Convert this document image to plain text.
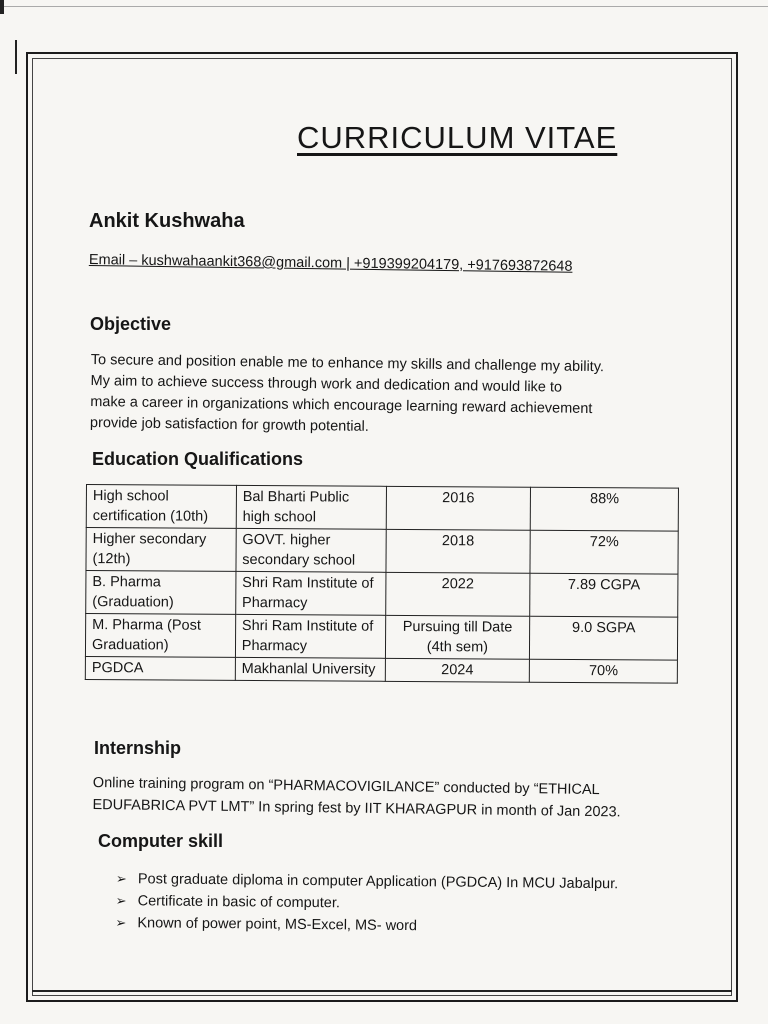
CURRICULUM VITAE
Ankit Kushwaha
Email – kushwahaankit368@gmail.com | +919399204179, +917693872648
Objective

To secure and position enable me to enhance my skills and challenge my ability.

My aim to achieve success through work and dedication and would like to

make a career in organizations which encourage learning reward achievement

provide job satisfaction for growth potential.

Education Qualifications
High school certification (10th)	Bal Bharti Public high school	2016	88%
Higher secondary (12th)	GOVT. higher secondary school	2018	72%
B. Pharma (Graduation)	Shri Ram Institute of Pharmacy	2022	7.89 CGPA
M. Pharma (Post Graduation)	Shri Ram Institute of Pharmacy	Pursuing till Date (4th sem)	9.0 SGPA
PGDCA	Makhanlal University	2024	70%
Internship

Online training program on “PHARMACOVIGILANCE” conducted by “ETHICAL

EDUFABRICA PVT LMT” In spring fest by IIT KHARAGPUR in month of Jan 2023.

Computer skill
➢ Post graduate diploma in computer Application (PGDCA) In MCU Jabalpur.
➢ Certificate in basic of computer.
➢ Known of power point, MS-Excel, MS- word
